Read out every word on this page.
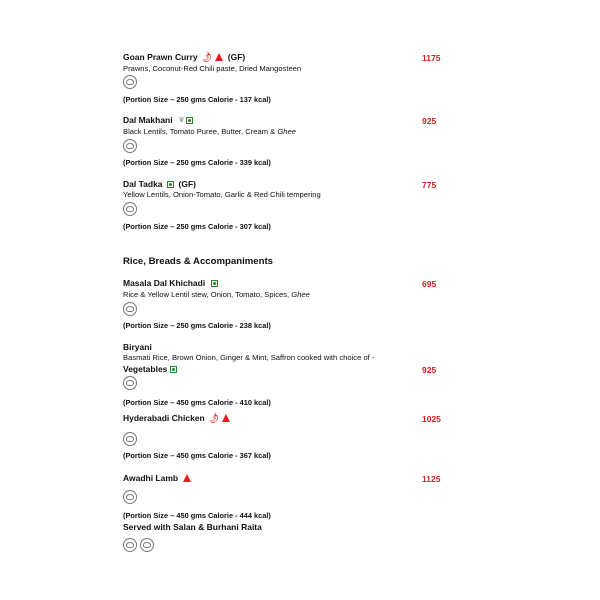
Goan Prawn Curry 🌶 (GF)	1175
Prawns, Coconut-Red Chili paste, Dried Mangosteen
(Portion Size – 250 gms Calorie - 137 kcal)
Dal Makhani ❦	925
Black Lentils, Tomato Puree, Butter, Cream & Ghee
(Portion Size – 250 gms Calorie - 339 kcal)
Dal Tadka (GF)	775
Yellow Lentils, Onion-Tomato, Garlic & Red Chili tempering
(Portion Size – 250 gms Calorie - 307 kcal)
Rice, Breads & Accompaniments
Masala Dal Khichadi	695
Rice & Yellow Lentil stew, Onion, Tomato, Spices, Ghee
(Portion Size – 250 gms Calorie - 238 kcal)
Biryani
Basmati Rice, Brown Onion, Ginger & Mint, Saffron cooked with choice of -
Vegetables	925
(Portion Size – 450 gms Calorie - 410 kcal)
Hyderabadi Chicken 🌶	1025
(Portion Size – 450 gms Calorie - 367 kcal)
Awadhi Lamb	1125
(Portion Size – 450 gms Calorie - 444 kcal)
Served with Salan & Burhani Raita
